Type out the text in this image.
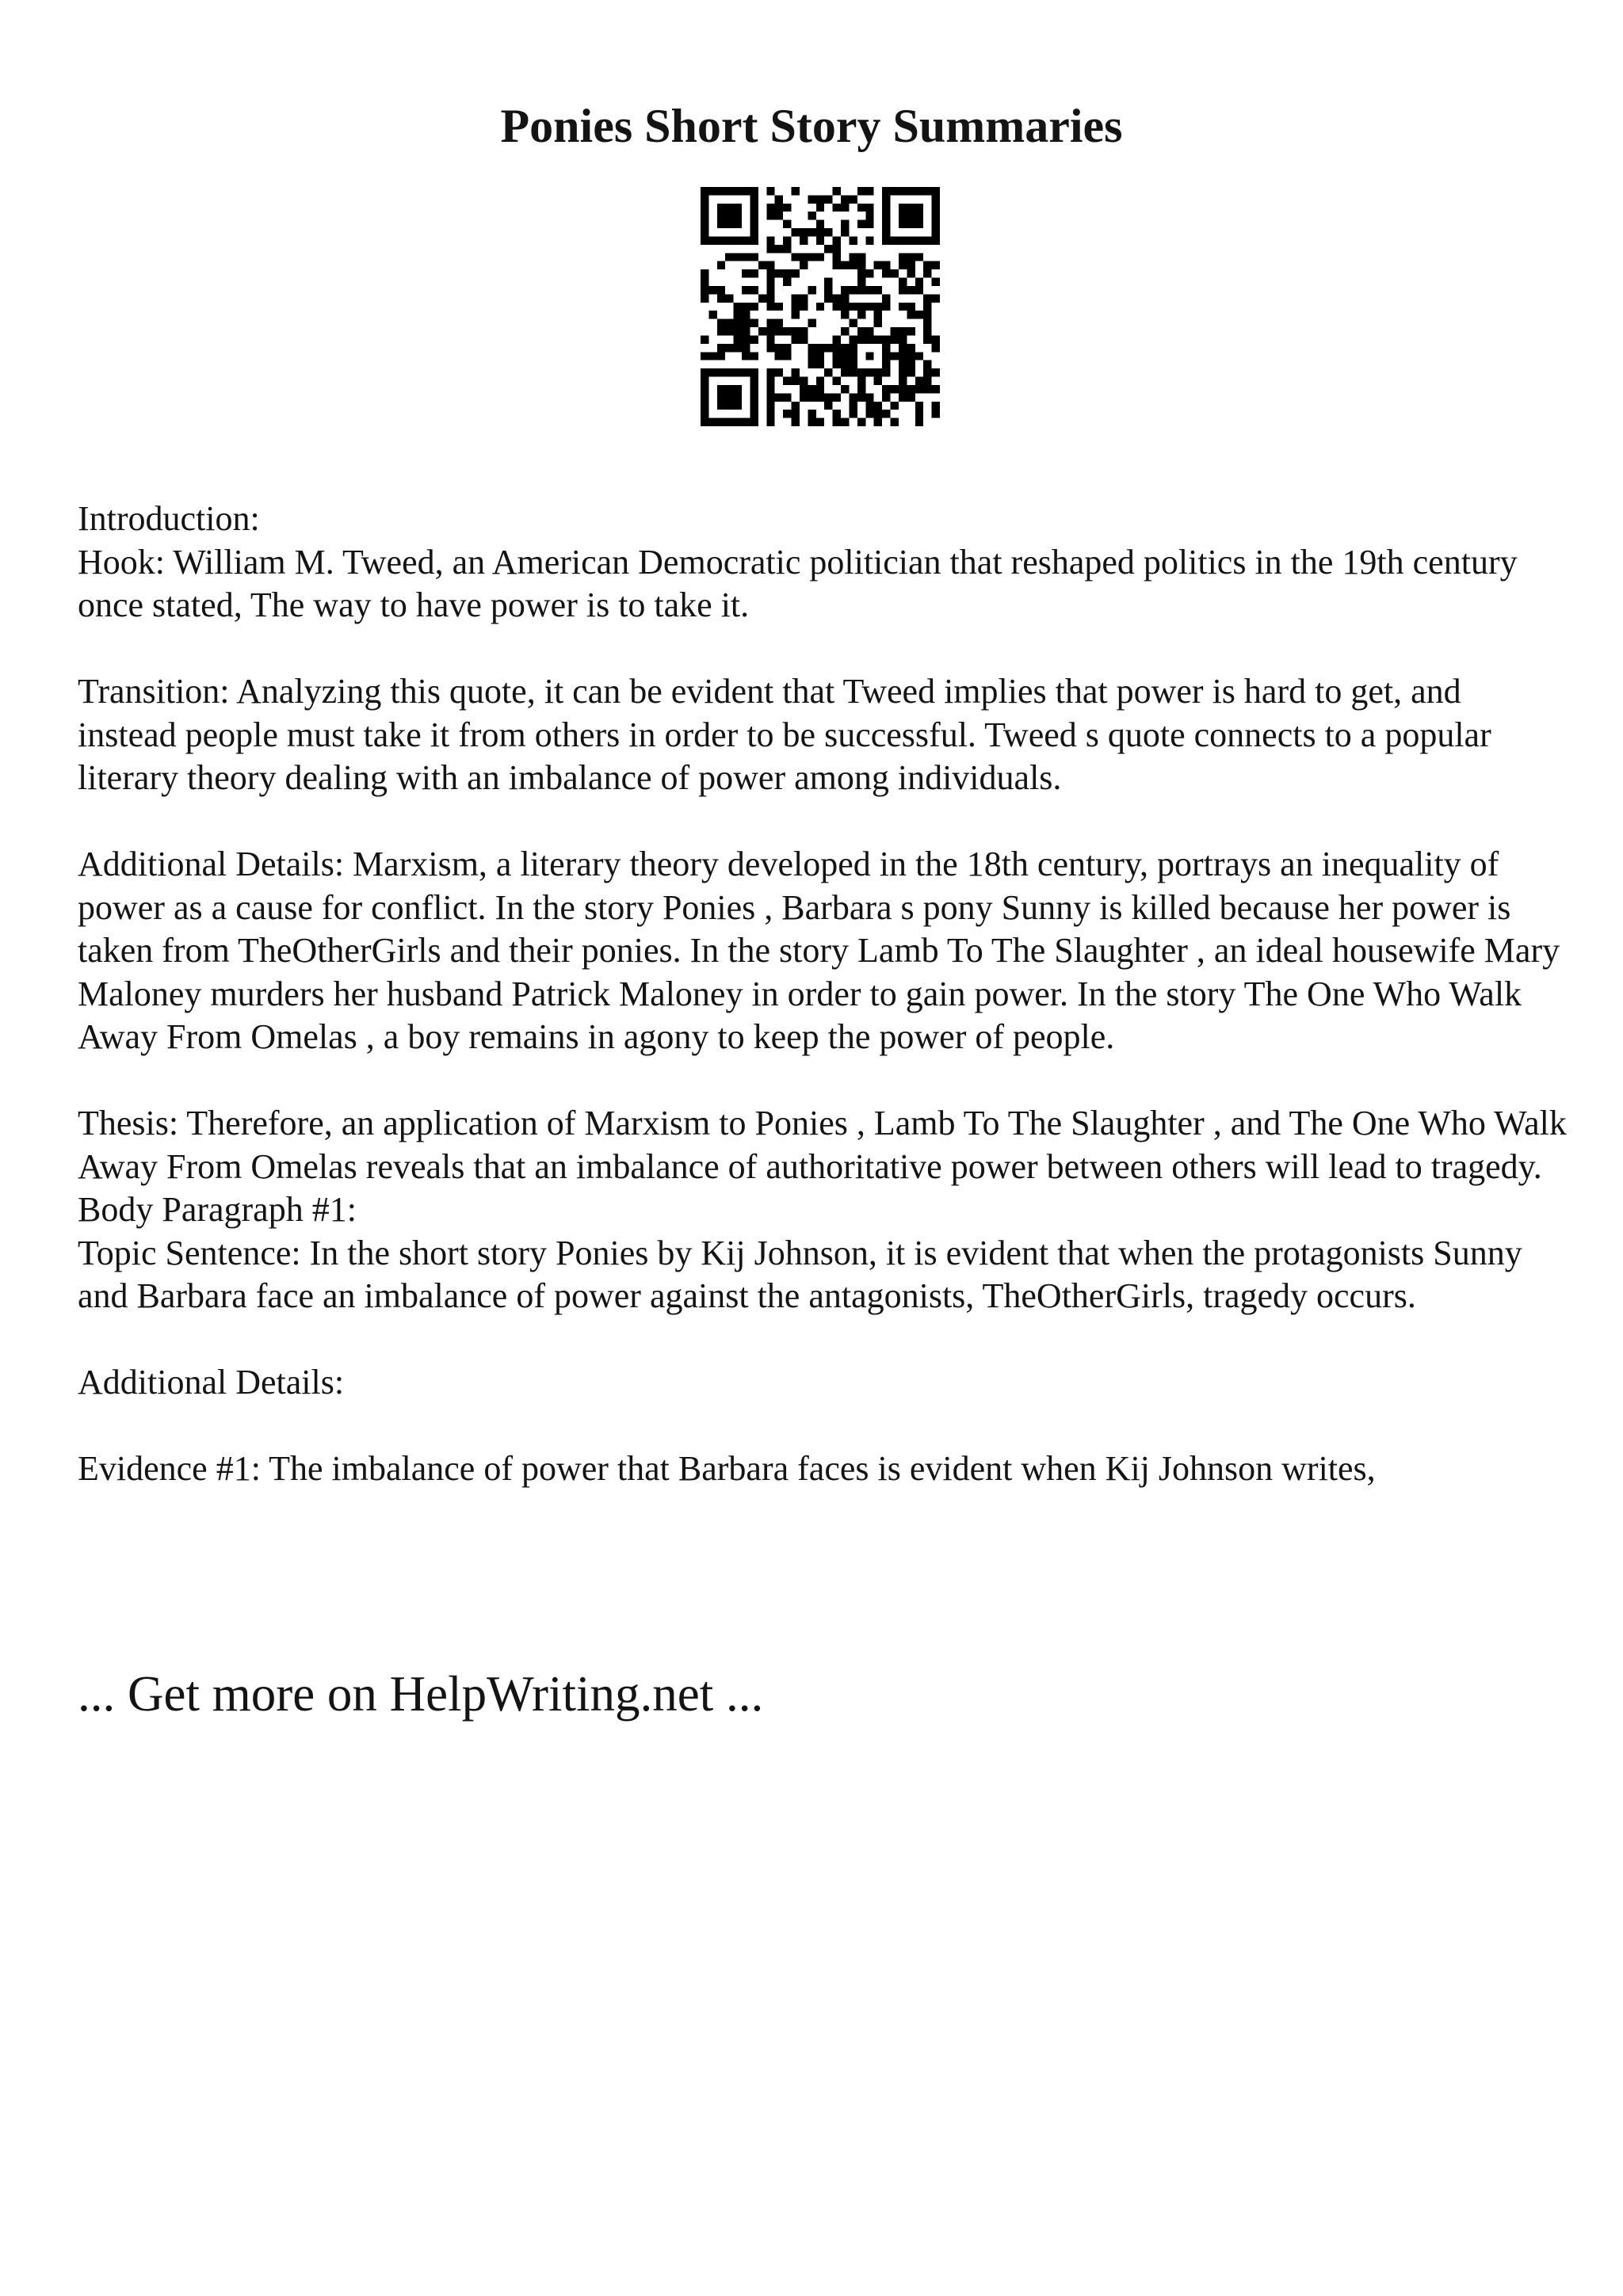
Ponies Short Story Summaries

Introduction:

Hook: William M. Tweed, an American Democratic politician that reshaped politics in the 19th century once stated, The way to have power is to take it.

Transition: Analyzing this quote, it can be evident that Tweed implies that power is hard to get, and instead people must take it from others in order to be successful. Tweed s quote connects to a popular literary theory dealing with an imbalance of power among individuals.

Additional Details: Marxism, a literary theory developed in the 18th century, portrays an inequality of power as a cause for conflict. In the story Ponies , Barbara s pony Sunny is killed because her power is taken from TheOtherGirls and their ponies. In the story Lamb To The Slaughter , an ideal housewife Mary Maloney murders her husband Patrick Maloney in order to gain power. In the story The One Who Walk Away From Omelas , a boy remains in agony to keep the power of people.

Thesis: Therefore, an application of Marxism to Ponies , Lamb To The Slaughter , and The One Who Walk Away From Omelas reveals that an imbalance of authoritative power between others will lead to tragedy.

Body Paragraph #1:

Topic Sentence: In the short story Ponies by Kij Johnson, it is evident that when the protagonists Sunny and Barbara face an imbalance of power against the antagonists, TheOtherGirls, tragedy occurs.

Additional Details:

Evidence #1: The imbalance of power that Barbara faces is evident when Kij Johnson writes,

... Get more on HelpWriting.net ...
